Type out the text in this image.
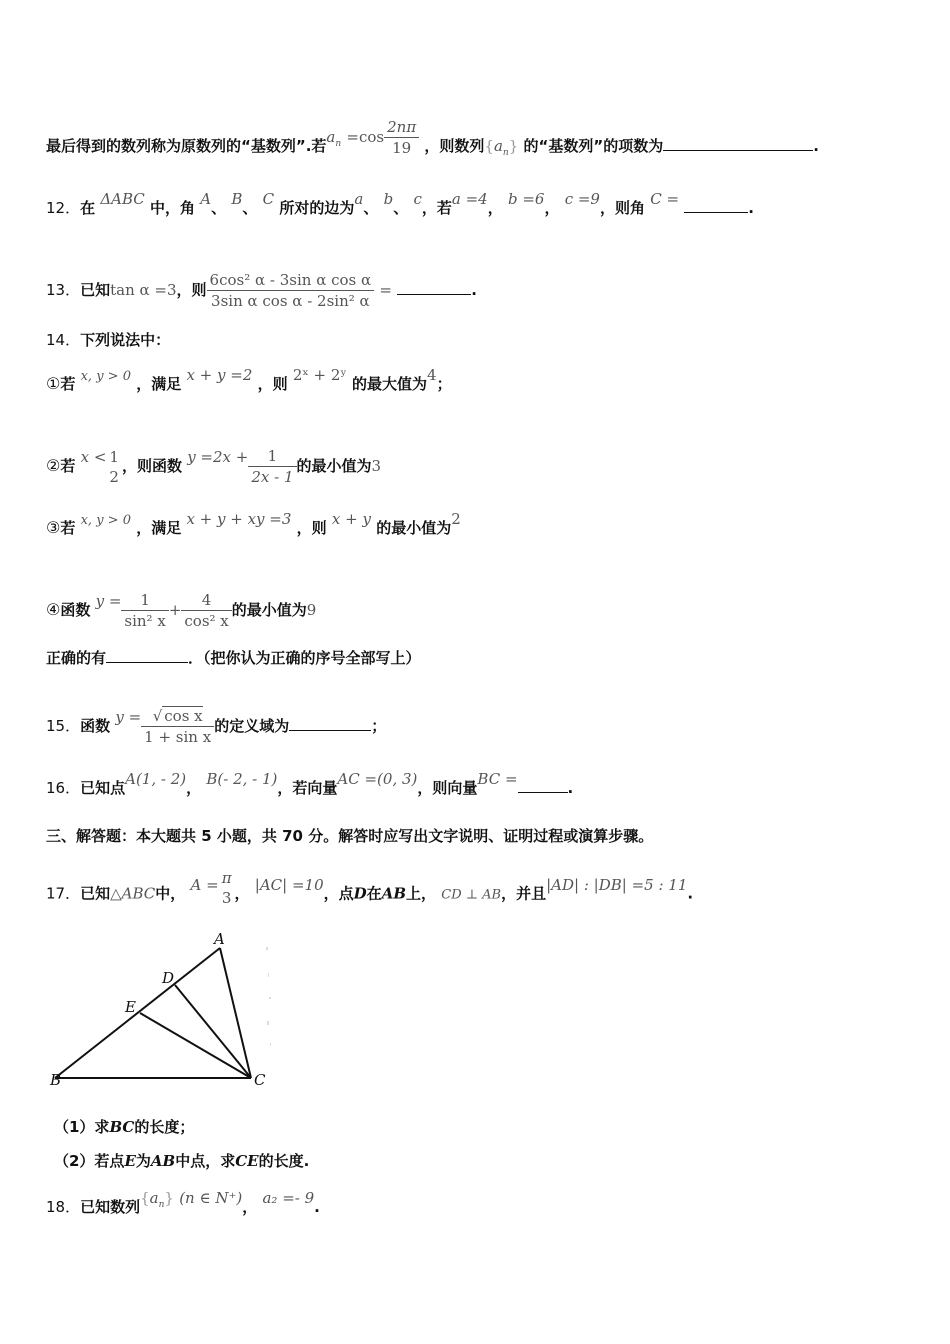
最后得到的数列称为原数列的“基数列”.若$a_n =\cos \frac{2n\pi}{19}$ ，则数列$\{a_n\}$ 的“基数列”的项数为	.
12．在 ΔABC 中，角 A、 B、 C 所对的边为a、 b、 c，若a =4， b =6， c =9，则角 C =	.
13．已知tan α =3，则 $\frac{\text{6cos² α - 3sin α cos α}}{\text{3sin α cos α - 2sin² α}}$ =	.
14．下列说法中：
①若 x, y > 0 ，满足 x + y =2 ，则 2ˣ + 2ʸ 的最大值为4；
②若 x < 1
2
，则函数 $y =2x + \frac{1}{2x - 1}$ 的最小值为3
③若 x, y > 0 ，满足 x + y + xy =3 ，则 x + y 的最小值为2
④函数 $y = \frac{1}{\text{sin² x}} + \frac{4}{\text{cos² x}}$ 的最小值为9
正确的有	．（把你认为正确的序号全部写上）
15．函数 $y = \frac{\text{√ cos x}}{\text{1 + sin x}}$ 的定义域为	；
16．已知点A(1, - 2)， B(- 2, - 1)，若向量AC =(0, 3)，则向量BC =	.
三、解答题：本大题共 5 小题，共 70 分。解答时应写出文字说明、证明过程或演算步骤。
17．已知△ABC中， A = π
3 ， |AC| =10，点D在AB上， CD ⊥ AB，并且|AD| : |DB| =5 : 11.
A
B	C
D
E
（1）求BC的长度；
（2）若点E为AB中点，求CE的长度.
18．已知数列$\{a_n\}$ (n ∈ N⁺)， a₂ =- 9.
